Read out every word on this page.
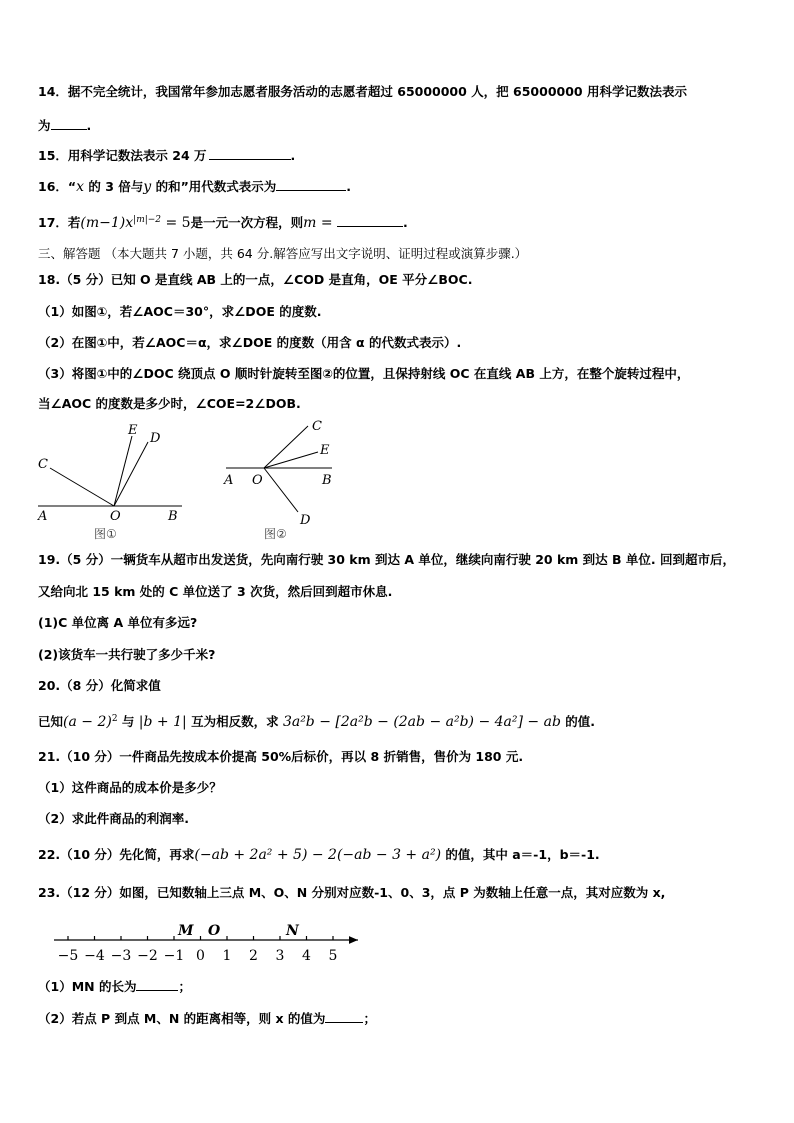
14．据不完全统计，我国常年参加志愿者服务活动的志愿者超过 65000000 人，把 65000000 用科学记数法表示
为	.
15．用科学记数法表示 24 万	.
16．“x 的 3 倍与y 的和”用代数式表示为	.
17．若$(m-1)x^{|m|-2} = 5$是一元一次方程，则m =	.
三、解答题 （本大题共 7 小题，共 64 分.解答应写出文字说明、证明过程或演算步骤.）
18.（5 分）已知 O 是直线 AB 上的一点，∠COD 是直角，OE 平分∠BOC.
（1）如图①，若∠AOC＝30°，求∠DOE 的度数.
（2）在图①中，若∠AOC＝α，求∠DOE 的度数（用含 α 的代数式表示）.
（3）将图①中的∠DOC 绕顶点 O 顺时针旋转至图②的位置，且保持射线 OC 在直线 AB 上方，在整个旋转过程中，
当∠AOC 的度数是多少时，∠COE=2∠DOB.
A	O	B
C
E
D
图①
A O	B
C
E
D
图②
19.（5 分）一辆货车从超市出发送货，先向南行驶 30 km 到达 A 单位，继续向南行驶 20 km 到达 B 单位. 回到超市后，
又给向北 15 km 处的 C 单位送了 3 次货，然后回到超市休息.
(1)C 单位离 A 单位有多远?
(2)该货车一共行驶了多少千米?
20.（8 分）化简求值
已知$(a - 2)^2$ 与 |b + 1| 互为相反数，求 3a²b − [2a²b − (2ab − a²b) − 4a²] − ab 的值.
21.（10 分）一件商品先按成本价提高 50%后标价，再以 8 折销售，售价为 180 元.
（1）这件商品的成本价是多少？
（2）求此件商品的利润率.
22.（10 分）先化简，再求(−ab + 2a² + 5) − 2(−ab − 3 + a²) 的值，其中 a＝-1，b＝-1.
23.（12 分）如图，已知数轴上三点 M、O、N 分别对应数-1、0、3，点 P 为数轴上任意一点，其对应数为 x,
−5 −4 −3 −2 −1 0 1 2 3 4 5
M O	N
（1）MN 的长为	；
（2）若点 P 到点 M、N 的距离相等，则 x 的值为	；
